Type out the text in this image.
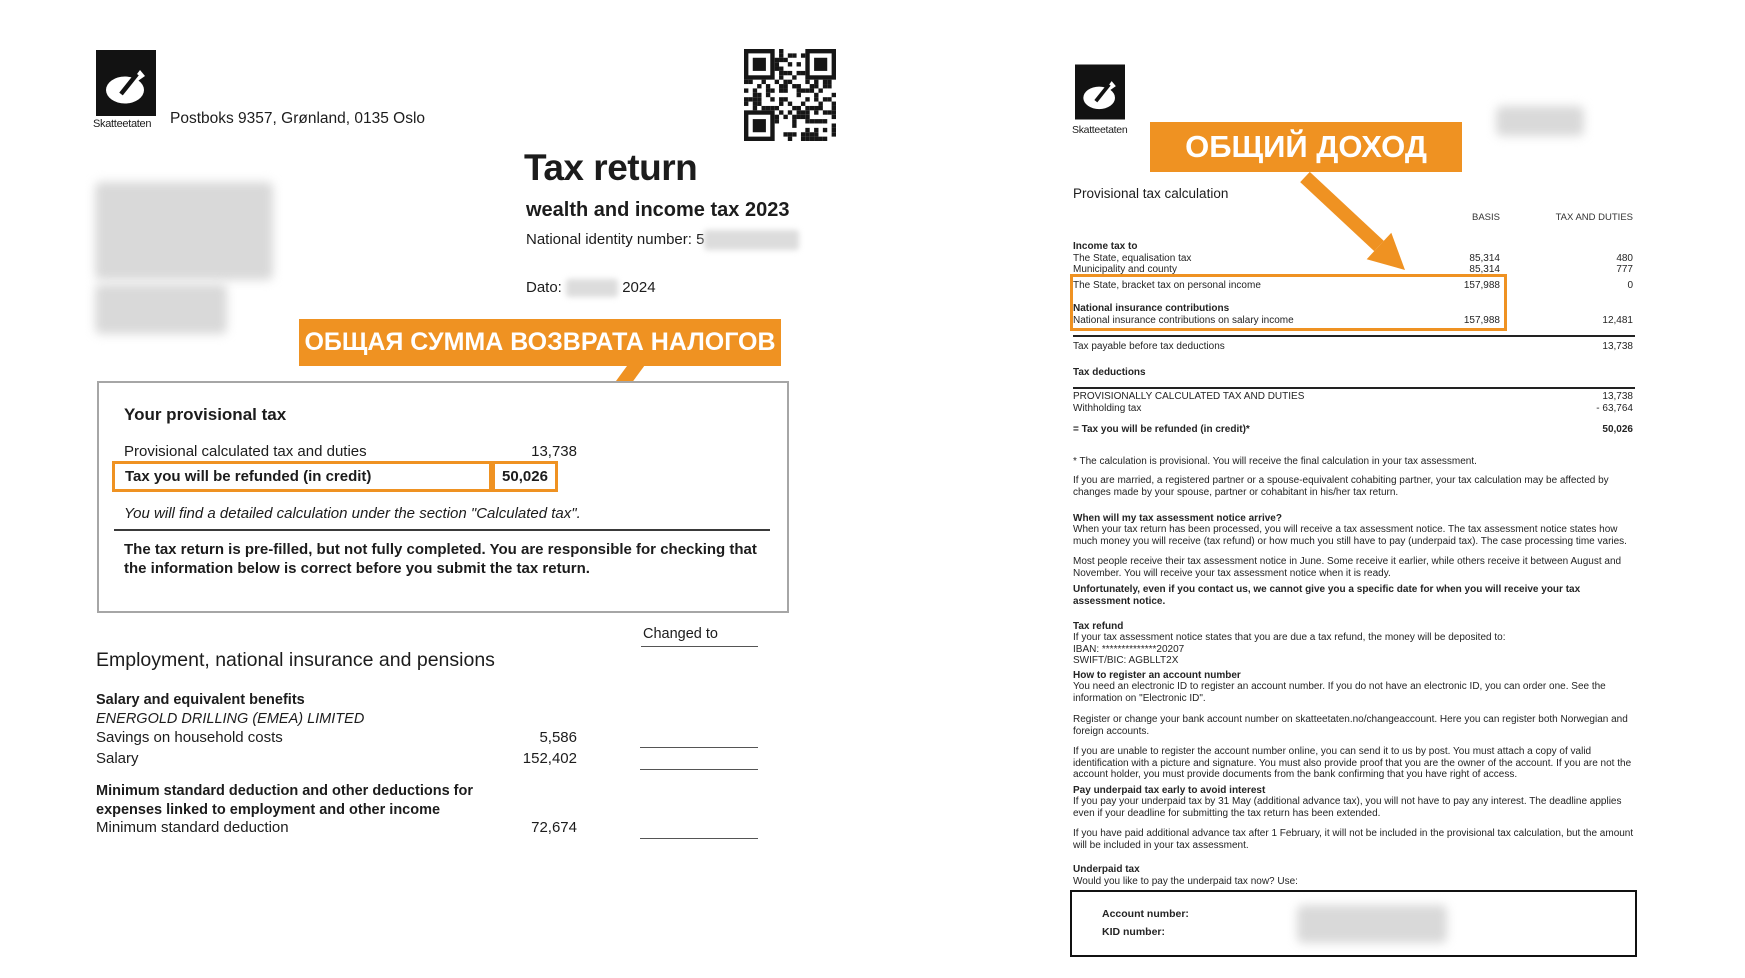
Skatteetaten Postboks 9357, Grønland, 0135 Oslo
Tax return
wealth and income tax 2023
National identity number: 5
Dato:	2024
ОБЩАЯ СУММА ВОЗВРАТА НАЛОГОВ
Your provisional tax
Provisional calculated tax and duties	13,738
Tax you will be refunded (in credit)	50,026
You will find a detailed calculation under the section "Calculated tax".
The tax return is pre-filled, but not fully completed. You are responsible for checking that the information below is correct before you submit the tax return.
Changed to
Employment, national insurance and pensions
Salary and equivalent benefits
ENERGOLD DRILLING (EMEA) LIMITED
Savings on household costs	5,586
Salary	152,402
Minimum standard deduction and other deductions for expenses linked to employment and other income
Minimum standard deduction	72,674
Skatteetaten	ОБЩИЙ ДОХОД
Provisional tax calculation
BASIS	TAX AND DUTIES
Income tax to
The State, equalisation tax	85,314	480
Municipality and county	85,314	777
The State, bracket tax on personal income	157,988	0
National insurance contributions
National insurance contributions on salary income	157,988	12,481
Tax payable before tax deductions	13,738
Tax deductions
PROVISIONALLY CALCULATED TAX AND DUTIES	13,738
Withholding tax	- 63,764
= Tax you will be refunded (in credit)*	50,026
* The calculation is provisional. You will receive the final calculation in your tax assessment.
If you are married, a registered partner or a spouse-equivalent cohabiting partner, your tax calculation may be affected by changes made by your spouse, partner or cohabitant in his/her tax return.
When will my tax assessment notice arrive?
When your tax return has been processed, you will receive a tax assessment notice. The tax assessment notice states how much money you will receive (tax refund) or how much you still have to pay (underpaid tax). The case processing time varies.
Most people receive their tax assessment notice in June. Some receive it earlier, while others receive it between August and November. You will receive your tax assessment notice when it is ready.
Unfortunately, even if you contact us, we cannot give you a specific date for when you will receive your tax assessment notice.
Tax refund
If your tax assessment notice states that you are due a tax refund, the money will be deposited to:
IBAN: **************20207
SWIFT/BIC: AGBLLT2X
How to register an account number
You need an electronic ID to register an account number. If you do not have an electronic ID, you can order one. See the information on "Electronic ID".
Register or change your bank account number on skatteetaten.no/changeaccount. Here you can register both Norwegian and foreign accounts.
If you are unable to register the account number online, you can send it to us by post. You must attach a copy of valid identification with a picture and signature. You must also provide proof that you are the owner of the account. If you are not the account holder, you must provide documents from the bank confirming that you have right of access.
Pay underpaid tax early to avoid interest
If you pay your underpaid tax by 31 May (additional advance tax), you will not have to pay any interest. The deadline applies even if your deadline for submitting the tax return has been extended.
If you have paid additional advance tax after 1 February, it will not be included in the provisional tax calculation, but the amount will be included in your tax assessment.
Underpaid tax
Would you like to pay the underpaid tax now? Use:
Account number:
KID number:
